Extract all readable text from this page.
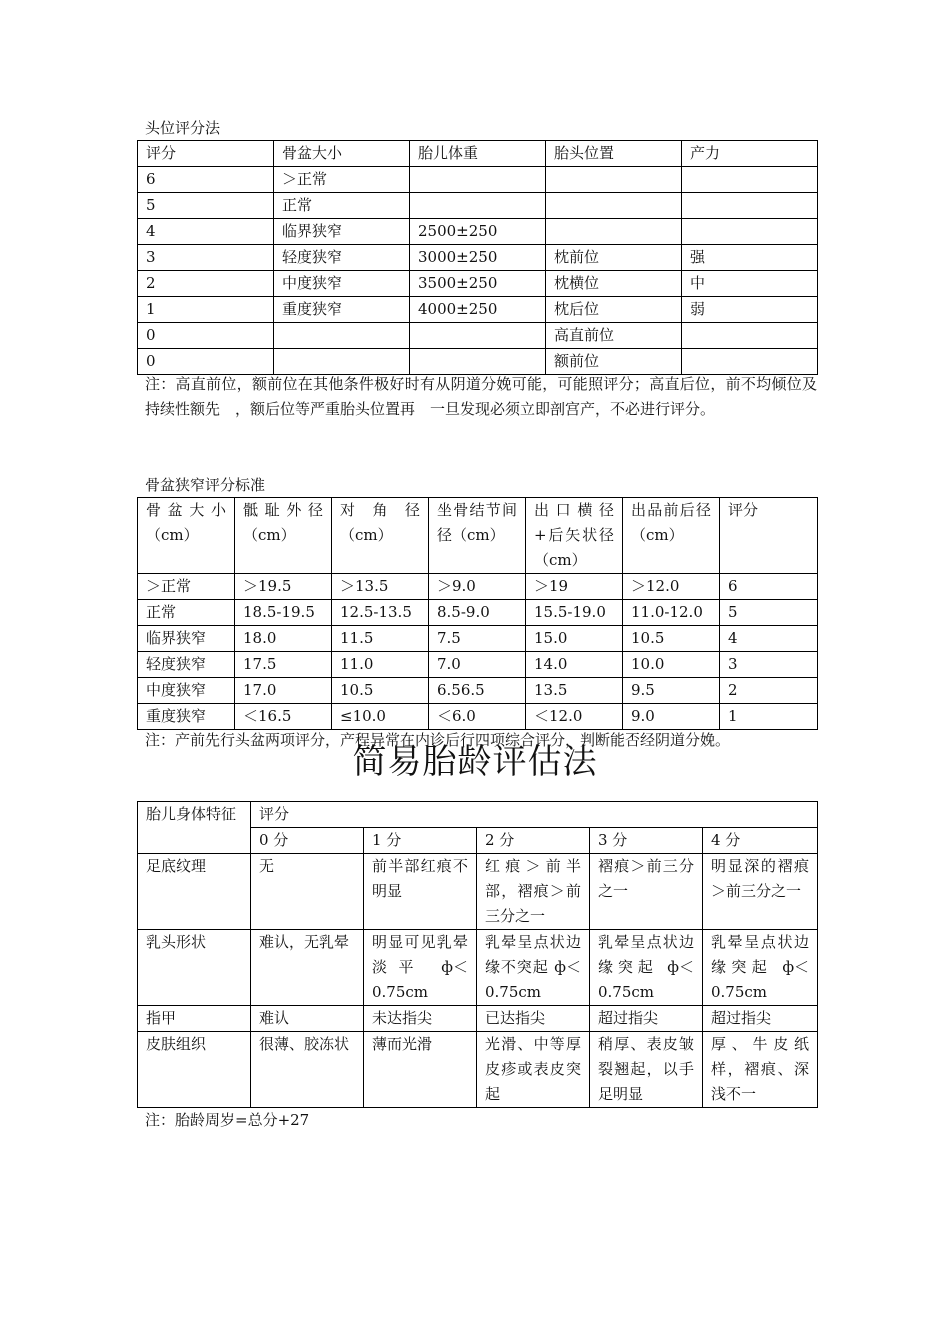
头位评分法
评分	骨盆大小	胎儿体重	胎头位置	产力
6	＞正常			
5	正常			
4	临界狭窄	2500±250		
3	轻度狭窄	3000±250	枕前位	强
2	中度狭窄	3500±250	枕横位	中
1	重度狭窄	4000±250	枕后位	弱
0			高直前位	
0			额前位	
注：高直前位，额前位在其他条件极好时有从阴道分娩可能，可能照评分；高直后位，前不均倾位及持续性额先　，额后位等严重胎头位置再　一旦发现必须立即剖宫产，不必进行评分。
骨盆狭窄评分标准
骨盆大小（cm）	骶耻外径（cm）	对角径（cm）	坐骨结节间径（cm）	出口横径+后矢状径（cm）	出品前后径（cm）	评分
＞正常	＞19.5	＞13.5	＞9.0	＞19	＞12.0	6
正常	18.5-19.5	12.5-13.5	8.5-9.0	15.5-19.0	11.0-12.0	5
临界狭窄	18.0	11.5	7.5	15.0	10.5	4
轻度狭窄	17.5	11.0	7.0	14.0	10.0	3
中度狭窄	17.0	10.5	6.56.5	13.5	9.5	2
重度狭窄	＜16.5	≤10.0	＜6.0	＜12.0	9.0	1
注：产前先行头盆两项评分，产程异常在内诊后行四项综合评分，判断能否经阴道分娩。
简易胎龄评估法
胎儿身体特征	评分				
	0 分	1 分	2 分	3 分	4 分
足底纹理	无	前半部红痕不明显	红痕＞前半部，褶痕＞前三分之一	褶痕＞前三分之一	明显深的褶痕＞前三分之一
乳头形状	难认，无乳晕	明显可见乳晕淡平 ф＜0.75cm	乳晕呈点状边缘不突起 ф＜0.75cm	乳晕呈点状边缘突起 ф＜0.75cm	乳晕呈点状边缘突起 ф＜0.75cm
指甲	难认	未达指尖	已达指尖	超过指尖	超过指尖
皮肤组织	很薄、胶冻状	薄而光滑	光滑、中等厚皮疹或表皮突起	稍厚、表皮皱裂翘起，以手足明显	厚、牛皮纸样，褶痕、深浅不一
注：胎龄周岁=总分+27
